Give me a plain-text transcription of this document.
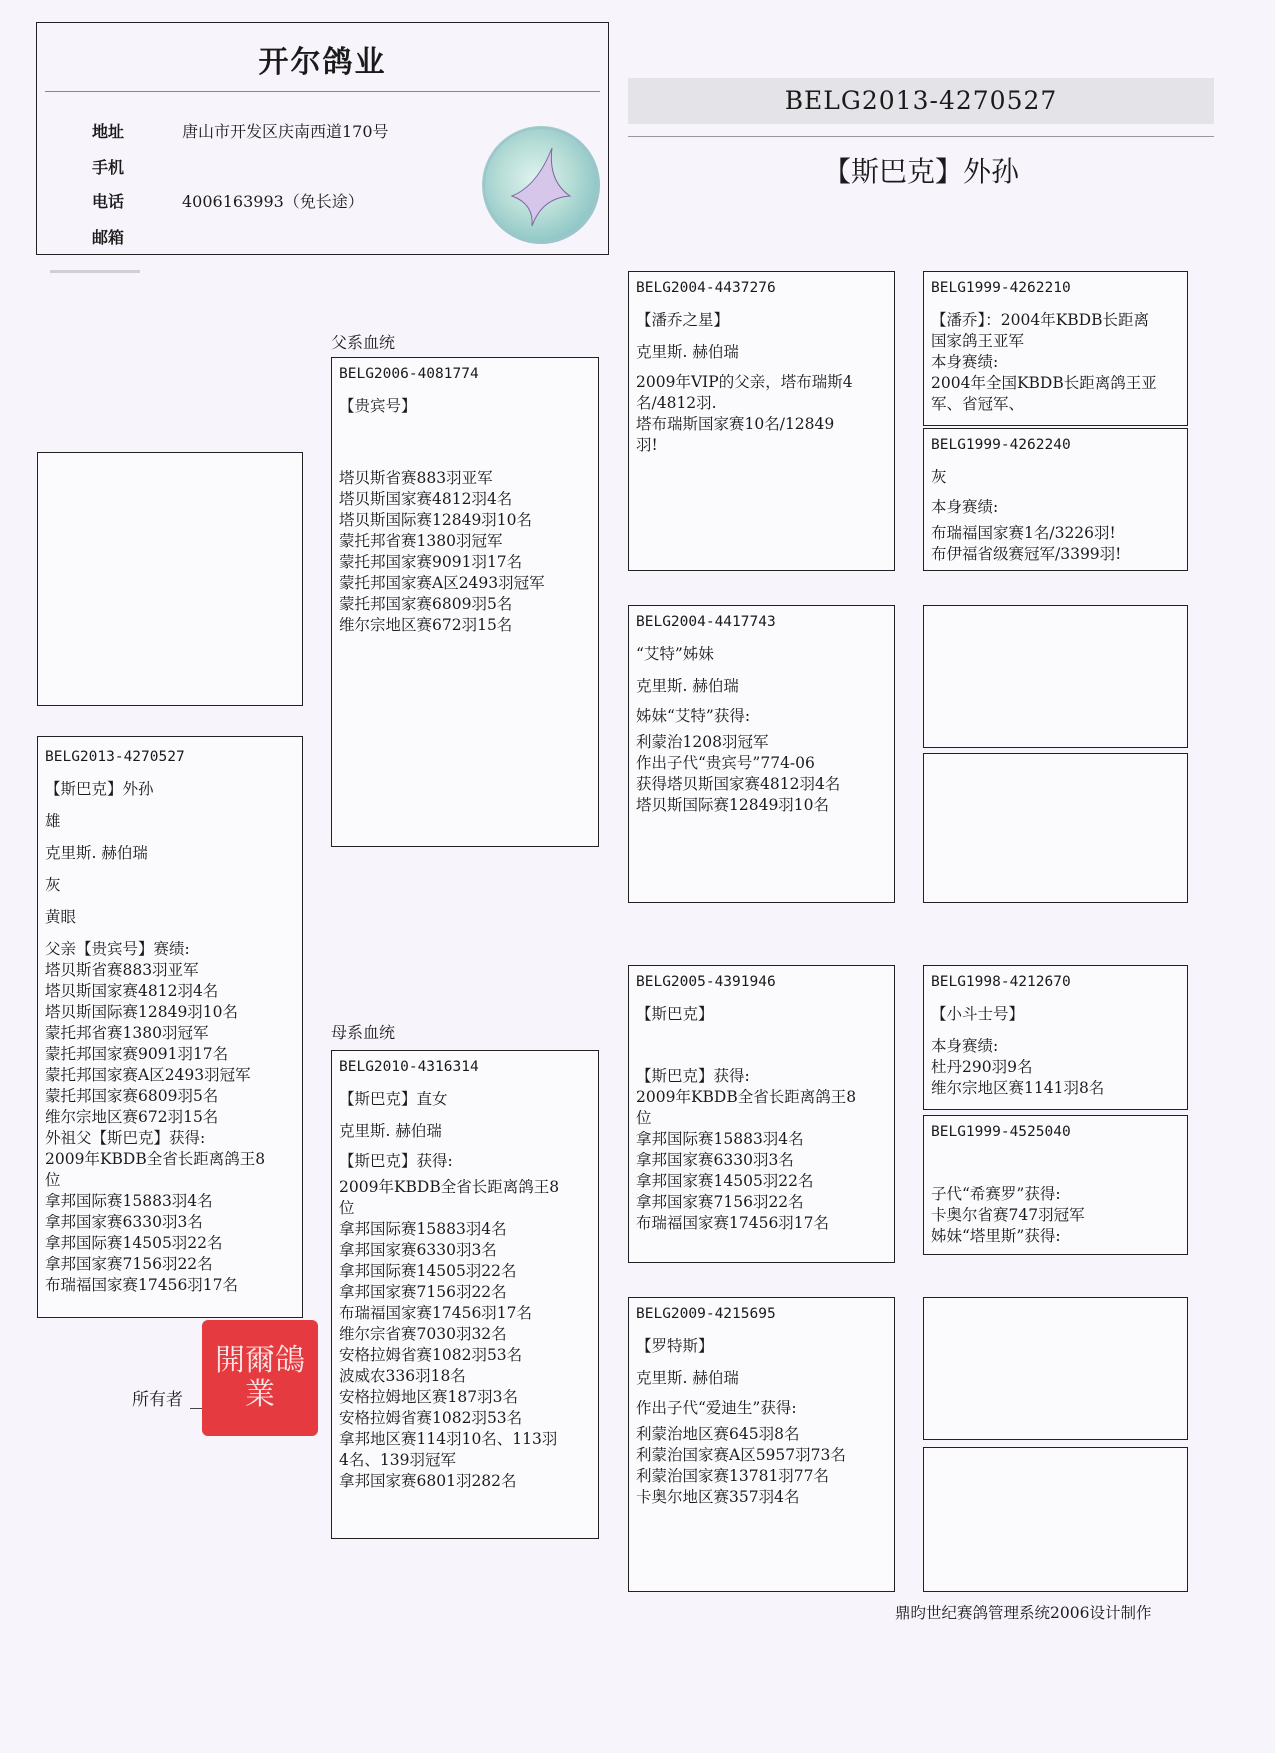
开尔鸽业
地址	唐山市开发区庆南西道170号
手机
电话	4006163993（免长途）
邮箱
BELG2013-4270527
【斯巴克】外孙
父系血统
母系血统
BELG2013-4270527
【斯巴克】外孙
雄
克里斯. 赫伯瑞
灰
黄眼
父亲【贵宾号】赛绩:
塔贝斯省赛883羽亚军
塔贝斯国家赛4812羽4名
塔贝斯国际赛12849羽10名
蒙托邦省赛1380羽冠军
蒙托邦国家赛9091羽17名
蒙托邦国家赛A区2493羽冠军
蒙托邦国家赛6809羽5名
维尔宗地区赛672羽15名
外祖父【斯巴克】获得:
2009年KBDB全省长距离鸽王8
位
拿邦国际赛15883羽4名
拿邦国家赛6330羽3名
拿邦国际赛14505羽22名
拿邦国家赛7156羽22名
布瑞福国家赛17456羽17名
BELG2006-4081774
【贵宾号】
塔贝斯省赛883羽亚军
塔贝斯国家赛4812羽4名
塔贝斯国际赛12849羽10名
蒙托邦省赛1380羽冠军
蒙托邦国家赛9091羽17名
蒙托邦国家赛A区2493羽冠军
蒙托邦国家赛6809羽5名
维尔宗地区赛672羽15名
BELG2010-4316314
【斯巴克】直女
克里斯. 赫伯瑞
【斯巴克】获得:
2009年KBDB全省长距离鸽王8
位
拿邦国际赛15883羽4名
拿邦国家赛6330羽3名
拿邦国际赛14505羽22名
拿邦国家赛7156羽22名
布瑞福国家赛17456羽17名
维尔宗省赛7030羽32名
安格拉姆省赛1082羽53名
波威农336羽18名
安格拉姆地区赛187羽3名
安格拉姆省赛1082羽53名
拿邦地区赛114羽10名、113羽
4名、139羽冠军
拿邦国家赛6801羽282名
BELG2004-4437276
【潘乔之星】
克里斯. 赫伯瑞
2009年VIP的父亲，塔布瑞斯4
名/4812羽.
塔布瑞斯国家赛10名/12849
羽!
BELG2004-4417743
“艾特”姊妹
克里斯. 赫伯瑞
姊妹“艾特”获得:
利蒙治1208羽冠军
作出子代“贵宾号”774-06
获得塔贝斯国家赛4812羽4名
塔贝斯国际赛12849羽10名
BELG2005-4391946
【斯巴克】
【斯巴克】获得:
2009年KBDB全省长距离鸽王8
位
拿邦国际赛15883羽4名
拿邦国家赛6330羽3名
拿邦国家赛14505羽22名
拿邦国家赛7156羽22名
布瑞福国家赛17456羽17名
BELG2009-4215695
【罗特斯】
克里斯. 赫伯瑞
作出子代“爱迪生”获得:
利蒙治地区赛645羽8名
利蒙治国家赛A区5957羽73名
利蒙治国家赛13781羽77名
卡奥尔地区赛357羽4名
BELG1999-4262210
【潘乔】：2004年KBDB长距离
国家鸽王亚军
本身赛绩:
2004年全国KBDB长距离鸽王亚
军、省冠军、
BELG1999-4262240
灰
本身赛绩:
布瑞福国家赛1名/3226羽!
布伊福省级赛冠军/3399羽!
BELG1998-4212670
【小斗士号】
本身赛绩:
杜丹290羽9名
维尔宗地区赛1141羽8名
BELG1999-4525040
子代“希赛罗”获得:
卡奥尔省赛747羽冠军
姊妹“塔里斯”获得:
所有者
開爾鴿業
鼎昀世纪赛鸽管理系统2006设计制作
